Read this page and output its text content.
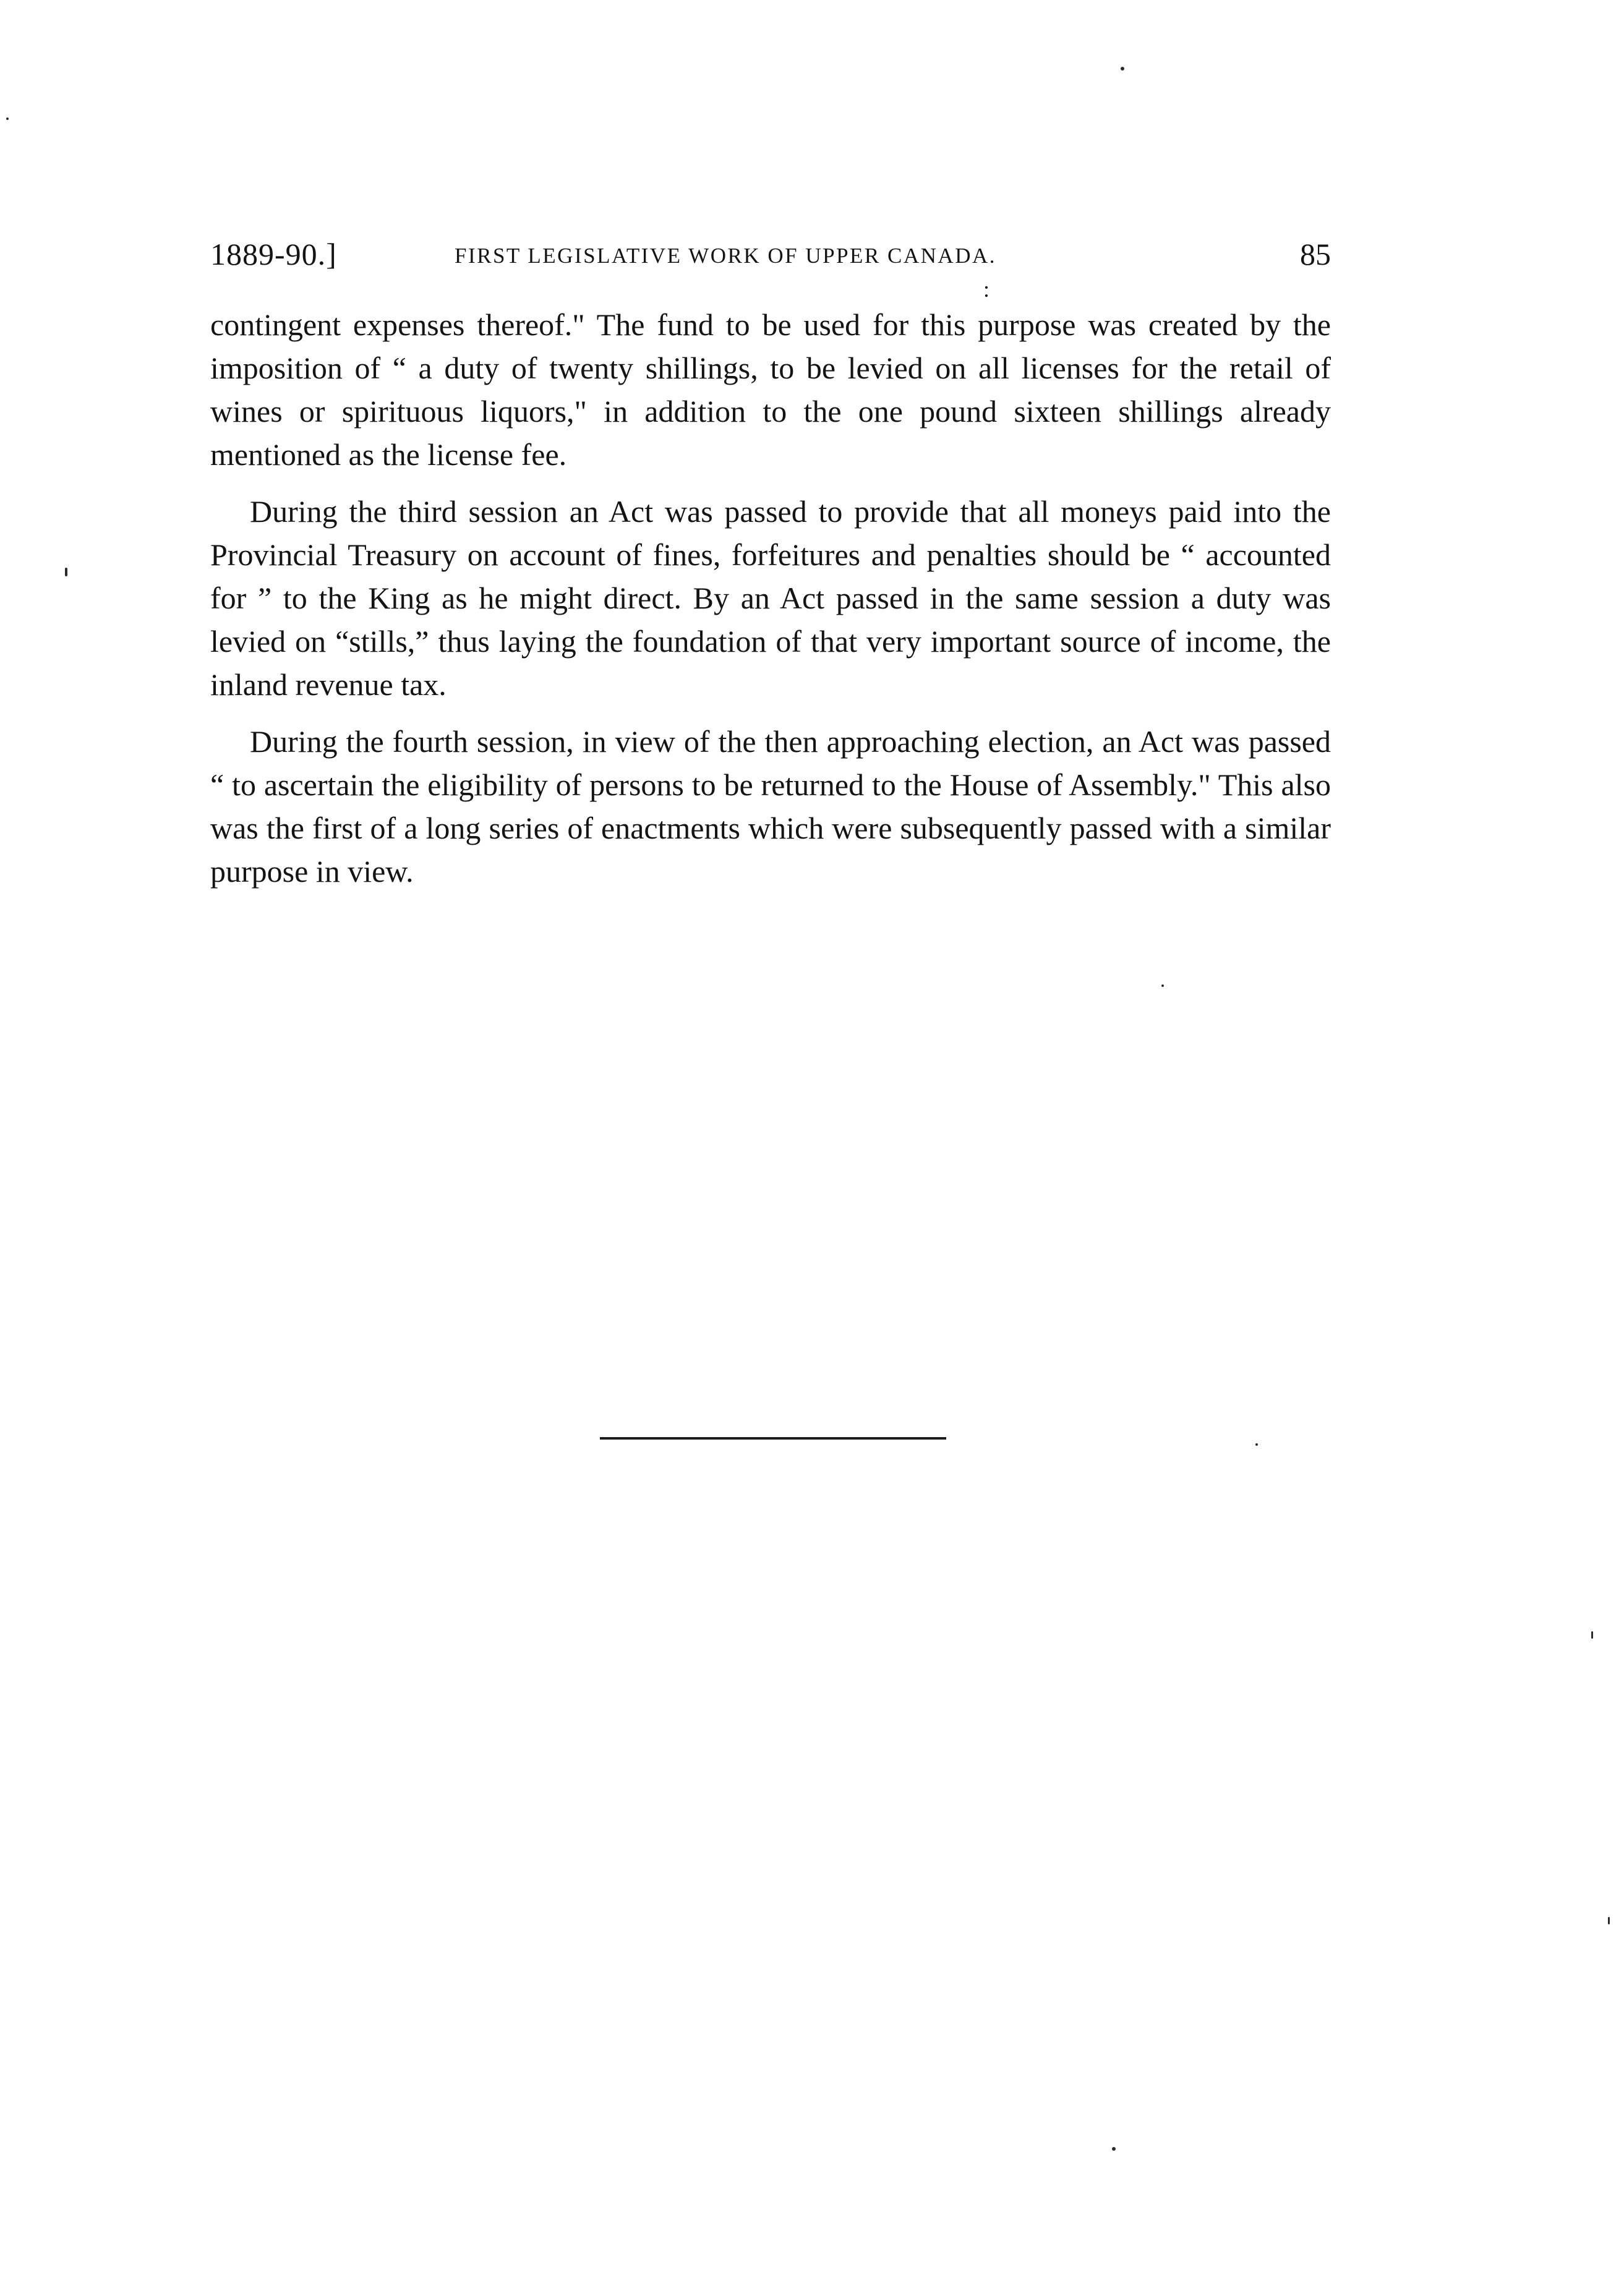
1889-90.]	FIRST LEGISLATIVE WORK OF UPPER CANADA.	85
:

contingent expenses thereof." The fund to be used for this purpose was created by the imposition of “ a duty of twenty shillings, to be levied on all licenses for the retail of wines or spirituous liquors," in addition to the one pound sixteen shillings already mentioned as the license fee.

During the third session an Act was passed to provide that all moneys paid into the Provincial Treasury on account of fines, forfeitures and penalties should be “ accounted for ” to the King as he might direct. By an Act passed in the same session a duty was levied on “stills,” thus laying the foundation of that very important source of income, the inland revenue tax.

During the fourth session, in view of the then approaching election, an Act was passed “ to ascertain the eligibility of persons to be returned to the House of Assembly." This also was the first of a long series of enactments which were subsequently passed with a similar purpose in view.
